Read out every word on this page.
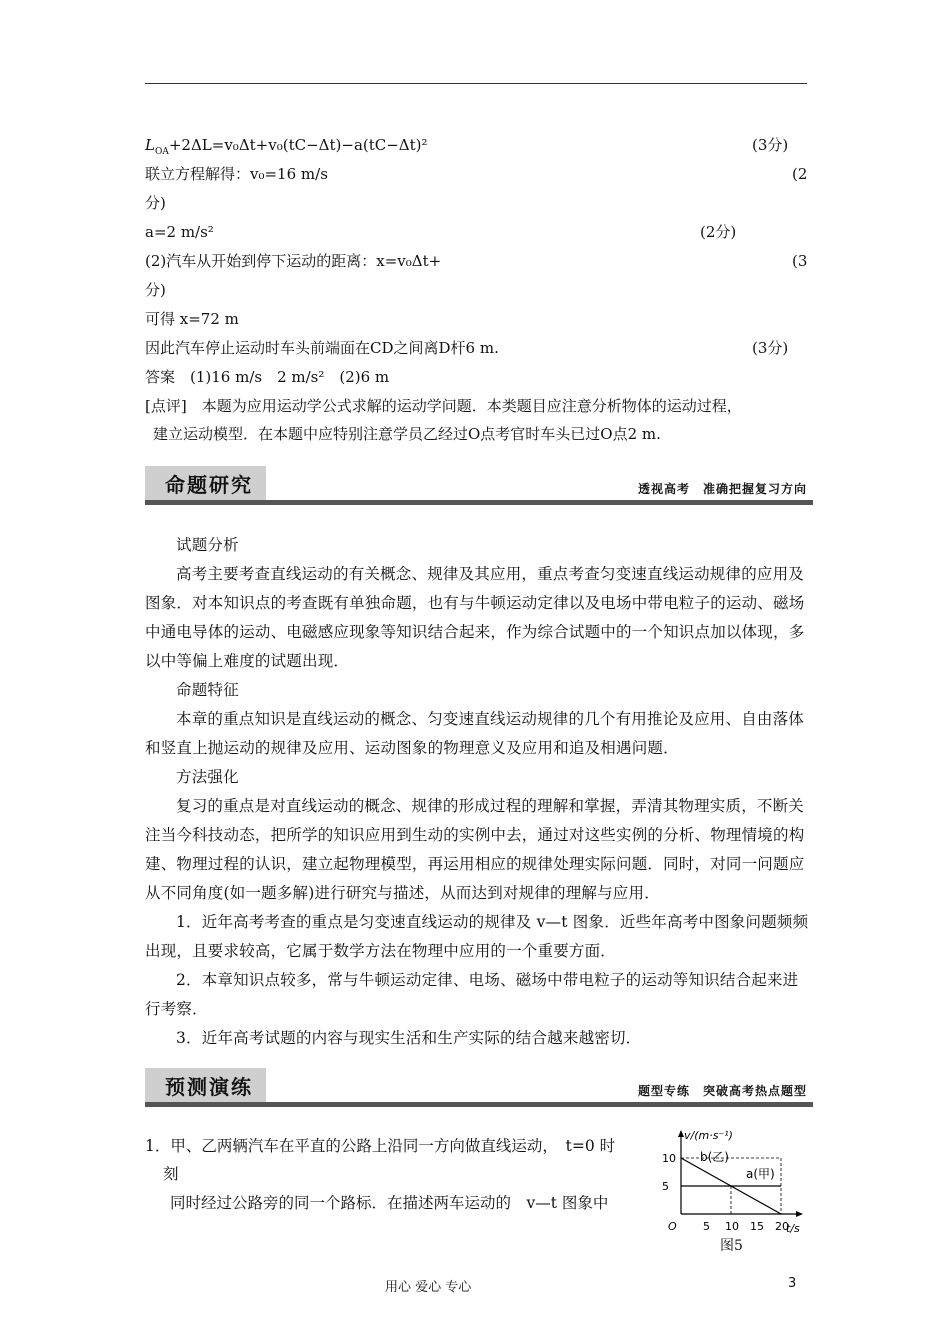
$L_{OA}+2\Delta L=v_0\Delta t+v_0(tC-\Delta t)-a(tC-\Delta t)^2$	(3分)
联立方程解得：v₀=16 m/s	(2
分)
a=2 m/s²	(2分)
(2)汽车从开始到停下运动的距离：x=v₀Δt+	(3
分)
可得 x=72 m
因此汽车停止运动时车头前端面在CD之间离D杆6 m.	(3分)
答案　(1)16 m/s　2 m/s²　(2)6 m
[点评]　本题为应用运动学公式求解的运动学问题．本类题目应注意分析物体的运动过程，
建立运动模型．在本题中应特别注意学员乙经过O点考官时车头已过O点2 m.
命题研究	透视高考　准确把握复习方向
试题分析
高考主要考查直线运动的有关概念、规律及其应用，重点考查匀变速直线运动规律的应用及图象．对本知识点的考查既有单独命题，也有与牛顿运动定律以及电场中带电粒子的运动、磁场中通电导体的运动、电磁感应现象等知识结合起来，作为综合试题中的一个知识点加以体现，多以中等偏上难度的试题出现．
命题特征
本章的重点知识是直线运动的概念、匀变速直线运动规律的几个有用推论及应用、自由落体和竖直上抛运动的规律及应用、运动图象的物理意义及应用和追及相遇问题．
方法强化
复习的重点是对直线运动的概念、规律的形成过程的理解和掌握，弄清其物理实质，不断关注当今科技动态，把所学的知识应用到生动的实例中去，通过对这些实例的分析、物理情境的构建、物理过程的认识，建立起物理模型，再运用相应的规律处理实际问题．同时，对同一问题应从不同角度(如一题多解)进行研究与描述，从而达到对规律的理解与应用．
1．近年高考考查的重点是匀变速直线运动的规律及 v—t 图象．近些年高考中图象问题频频出现，且要求较高，它属于数学方法在物理中应用的一个重要方面．
2．本章知识点较多，常与牛顿运动定律、电场、磁场中带电粒子的运动等知识结合起来进行考察．
3．近年高考试题的内容与现实生活和生产实际的结合越来越密切．
预测演练	题型专练　突破高考热点题型
1．甲、乙两辆汽车在平直的公路上沿同一方向做直线运动，　t=0 时
刻
同时经过公路旁的同一个路标．在描述两车运动的　v—t 图象中
v/(m·s⁻¹)
t/s
O
10
5
5 10 15 20
b(乙)
a(甲)
图5
用心 爱心 专心	3
